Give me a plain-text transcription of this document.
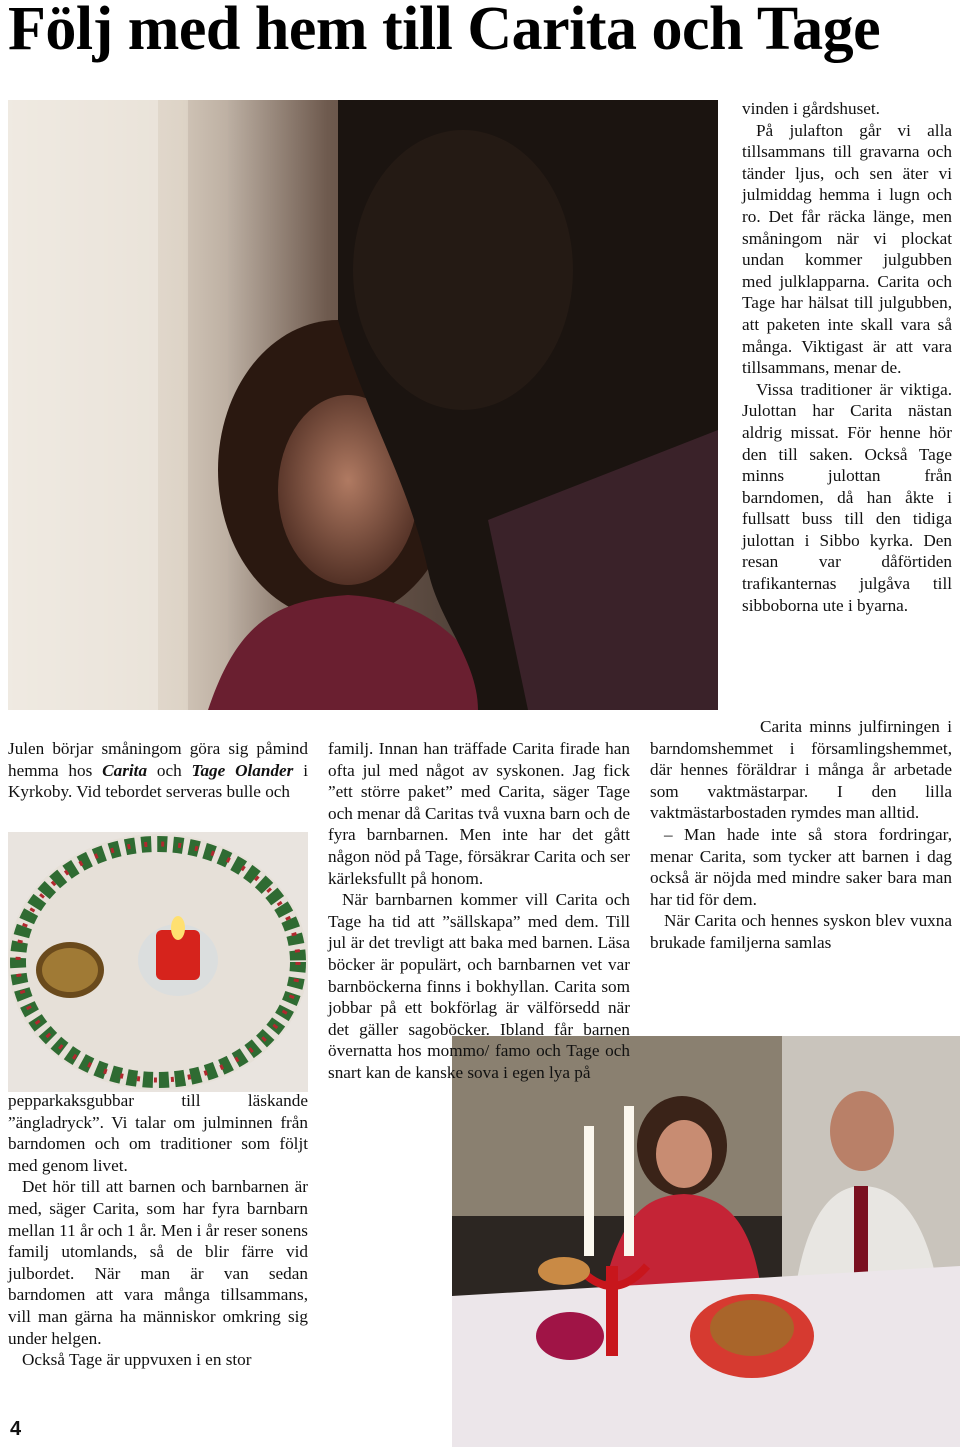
Följ med hem till Carita och Tage

Julen börjar småningom göra sig påmind hemma hos Carita och Tage Olander i Kyrkoby. Vid tebordet serveras bulle och

pepparkaksgubbar till läskande ”ängladryck”. Vi talar om julminnen från barndomen och om traditioner som följt med genom livet.

Det hör till att barnen och barnbarnen är med, säger Carita, som har fyra barnbarn mellan 11 år och 1 år. Men i år reser sonens familj utomlands, så de blir färre vid julbordet. När man är van sedan barndomen att vara många tillsammans, vill man gärna ha människor omkring sig under helgen.

Också Tage är uppvuxen i en stor

familj. Innan han träffade Carita firade han ofta jul med något av syskonen. Jag fick ”ett större paket” med Carita, säger Tage och menar då Caritas två vuxna barn och de fyra barnbarnen. Men inte har det gått någon nöd på Tage, försäkrar Carita och ser kärleksfullt på honom.

När barnbarnen kommer vill Carita och Tage ha tid att ”sällskapa” med dem. Till jul är det trevligt att baka med barnen. Läsa böcker är populärt, och barnbarnen vet var barnböckerna finns i bokhyllan. Carita som jobbar på ett bokförlag är välförsedd när det gäller sagoböcker. Ibland får barnen övernatta hos mommo/ famo och Tage och snart kan de kanske sova i egen lya på

vinden i gårdshuset.

På julafton går vi alla tillsammans till gravarna och tänder ljus, och sen äter vi julmiddag hemma i lugn och ro. Det får räcka länge, men småningom när vi plockat undan kommer julgubben med julklapparna. Carita och Tage har hälsat till julgubben, att paketen inte skall vara så många. Viktigast är att vara tillsammans, menar de.

Vissa traditioner är viktiga. Julottan har Carita nästan aldrig missat. För henne hör den till saken. Också Tage minns julottan från barndomen, då han åkte i fullsatt buss till den tidiga julottan i Sibbo kyrka. Den resan var dåförtiden trafikanternas julgåva till sibboborna ute i byarna.

Carita minns julfirningen i barndomshemmet i församlingshemmet, där hennes föräldrar i många år arbetade som vaktmästarpar. I den lilla vaktmästarbostaden rymdes man alltid.

– Man hade inte så stora fordringar, menar Carita, som tycker att barnen i dag också är nöjda med mindre saker bara man har tid för dem.

När Carita och hennes syskon blev vuxna brukade familjerna samlas

4
